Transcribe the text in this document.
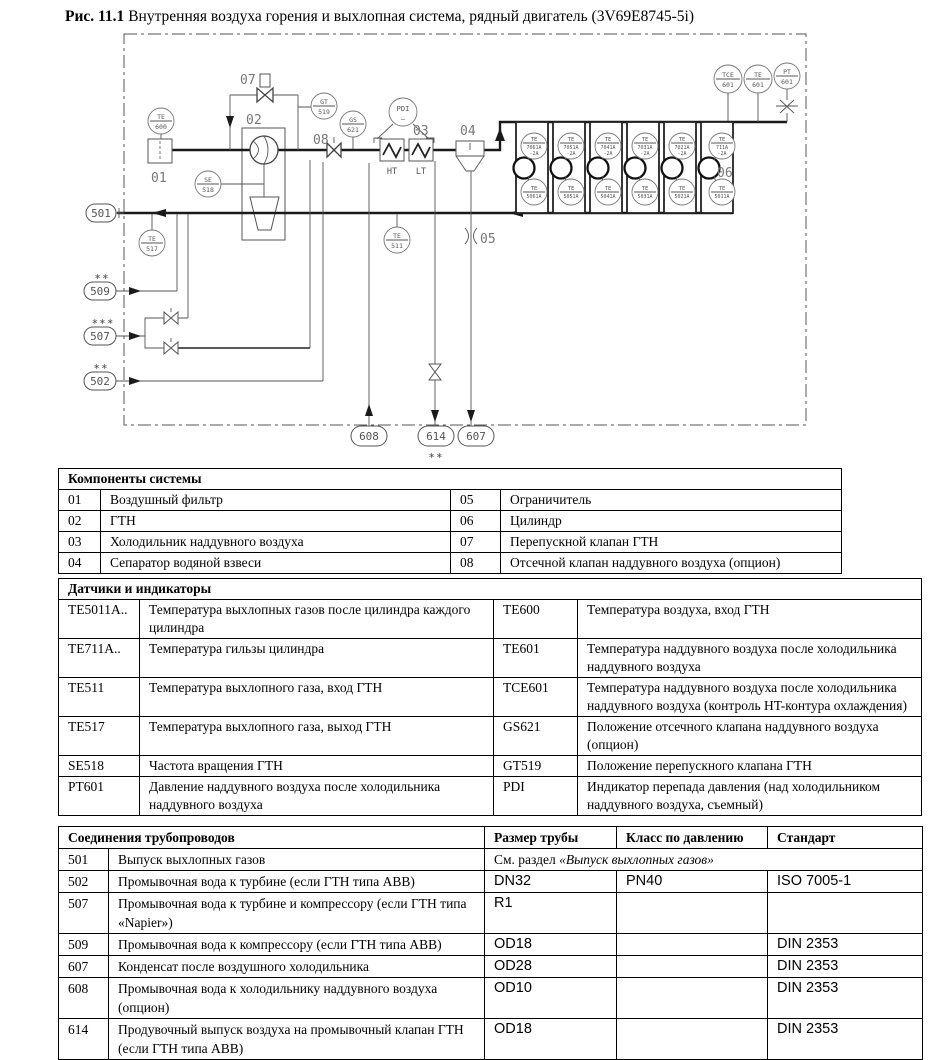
Рис. 11.1 Внутренняя воздуха горения и выхлопная система, рядный двигатель (3V69E8745-5i)
TE
7061A
-2A
TE
5061A
TE
7051A
-2A
TE
5051A
TE
7041A
-2A
TE
5041A
TE
7031A
-2A
TE
5031A
TE
7021A
-2A
TE
5021A
TE
711A
-2A
TE
5011A
501
509
∗∗
507
∗∗∗
502
∗∗
608	614
∗∗
607
TE
600
GT
519
GS
621
SE
518
PDI
–
TE
511
TE
517
TCE
601
TE
601
PT
601
01
02
03 04
05
06
07
08
HT LT
Компоненты системы			
01	Воздушный фильтр	05	Ограничитель
02	ГТН	06	Цилиндр
03	Холодильник наддувного воздуха	07	Перепускной клапан ГТН
04	Сепаратор водяной взвеси	08	Отсечной клапан наддувного воздуха (опцион)
Датчики и индикаторы			
TE5011A..	Температура выхлопных газов после цилиндра каждого цилиндра	TE600	Температура воздуха, вход ГТН
TE711A..	Температура гильзы цилиндра	TE601	Температура наддувного воздуха после холодильника наддувного воздуха
TE511	Температура выхлопного газа, вход ГТН	TCE601	Температура наддувного воздуха после холодильника наддувного воздуха (контроль HT-контура охлаждения)
TE517	Температура выхлопного газа, выход ГТН	GS621	Положение отсечного клапана наддувного воздуха (опцион)
SE518	Частота вращения ГТН	GT519	Положение перепускного клапана ГТН
PT601	Давление наддувного воздуха после холодильника наддувного воздуха	PDI	Индикатор перепада давления (над холодильником наддувного воздуха, съемный)
Соединения трубопроводов		Размер трубы	Класс по давлению	Стандарт
501	Выпуск выхлопных газов	См. раздел «Выпуск выхлопных газов»		
502	Промывочная вода к турбине (если ГТН типа ABB)	DN32	PN40	ISO 7005-1
507	Промывочная вода к турбине и компрессору (если ГТН типа «Napier»)	R1		
509	Промывочная вода к компрессору (если ГТН типа ABB)	OD18		DIN 2353
607	Конденсат после воздушного холодильника	OD28		DIN 2353
608	Промывочная вода к холодильнику наддувного воздуха (опцион)	OD10		DIN 2353
614	Продувочный выпуск воздуха на промывочный клапан ГТН (если ГТН типа ABB)	OD18		DIN 2353
